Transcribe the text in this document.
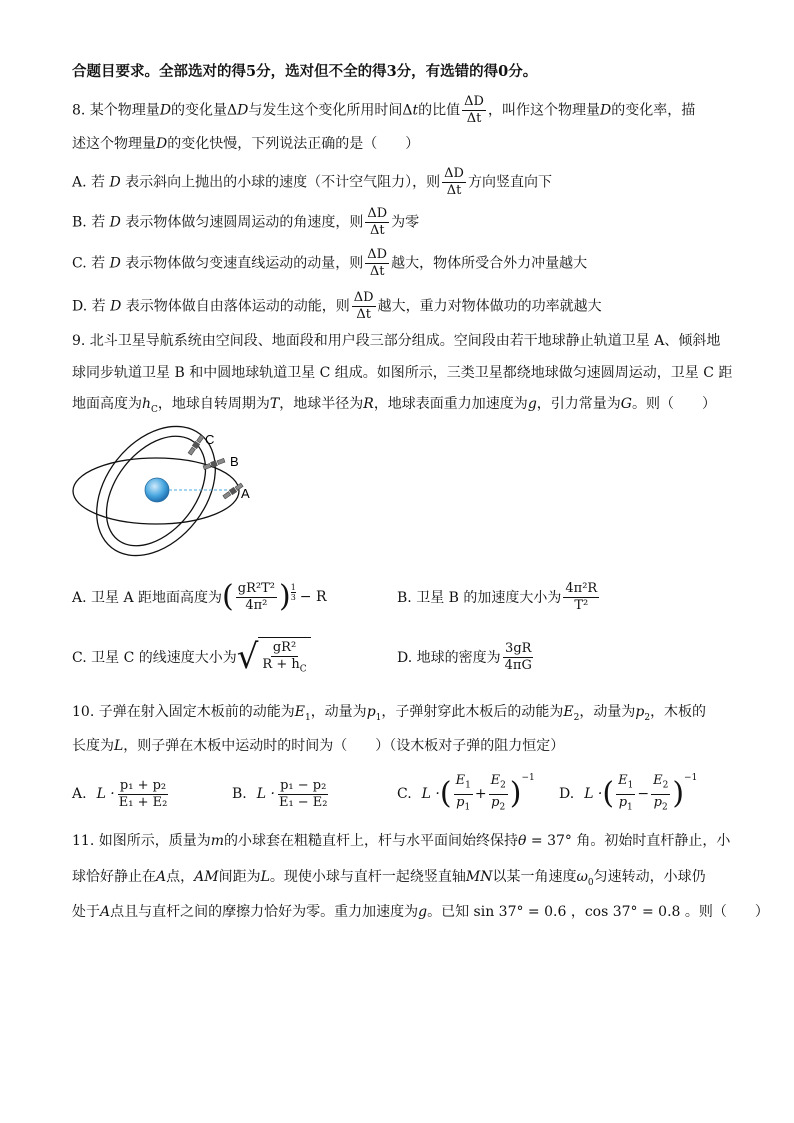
合题目要求。全部选对的得5分，选对但不全的得3分，有选错的得0分。
8. 某个物理量D的变化量ΔD与发生这个变化所用时间Δt的比值 $\frac{\Delta D}{\Delta t}$ ，叫作这个物理量D的变化率，描
述这个物理量D的变化快慢，下列说法正确的是（　　）
A. 若 D 表示斜向上抛出的小球的速度（不计空气阻力），则 $\frac{\Delta D}{\Delta t}$ 方向竖直向下
B. 若 D 表示物体做匀速圆周运动的角速度，则 $\frac{\Delta D}{\Delta t}$ 为零
C. 若 D 表示物体做匀变速直线运动的动量，则 $\frac{\Delta D}{\Delta t}$ 越大，物体所受合外力冲量越大
D. 若 D 表示物体做自由落体运动的动能，则 $\frac{\Delta D}{\Delta t}$ 越大，重力对物体做功的功率就越大
9. 北斗卫星导航系统由空间段、地面段和用户段三部分组成。空间段由若干地球静止轨道卫星 A、倾斜地
球同步轨道卫星 B 和中圆地球轨道卫星 C 组成。如图所示，三类卫星都绕地球做匀速圆周运动，卫星 C 距
地面高度为$h_C$，地球自转周期为T，地球半径为R，地球表面重力加速度为g，引力常量为G。则（　　）
A
B
C
A. 卫星 A 距地面高度为 ( $\frac{\text{gR²T²}}{\text{4π²}}$ ) 1
3 − R	B. 卫星 B 的加速度大小为 $\frac{\text{4π²R}}{\text{T²}}$
C. 卫星 C 的线速度大小为 √ $\frac{\text{gR²}}{R + h_C}$	D. 地球的密度为 $\frac{3gR}{4\pi G}$
10. 子弹在射入固定木板前的动能为$E_1$，动量为$p_1$，子弹射穿此木板后的动能为$E_2$，动量为$p_2$，木板的
长度为L，则子弹在木板中运动时的时间为（　　）（设木板对子弹的阻力恒定）
A. $L \cdot \frac{\text{p₁ + p₂}}{\text{E₁ + E₂}}$	B. $L \cdot \frac{\text{p₁ − p₂}}{\text{E₁ − E₂}}$	C. L · ( $\frac{E_1}{p_1} + \frac{E_2}{p_2} )^{-1}$
D. L · ( $\frac{E_1}{p_1} - \frac{E_2}{p_2} )^{-1}$
11. 如图所示，质量为m的小球套在粗糙直杆上，杆与水平面间始终保持θ = 37° 角。初始时直杆静止，小
球恰好静止在A点，AM间距为L。现使小球与直杆一起绕竖直轴MN以某一角速度$\omega_0$匀速转动，小球仍
处于A点且与直杆之间的摩擦力恰好为零。重力加速度为g。已知 sin 37° = 0.6 ，cos 37° = 0.8 。则（　　）
